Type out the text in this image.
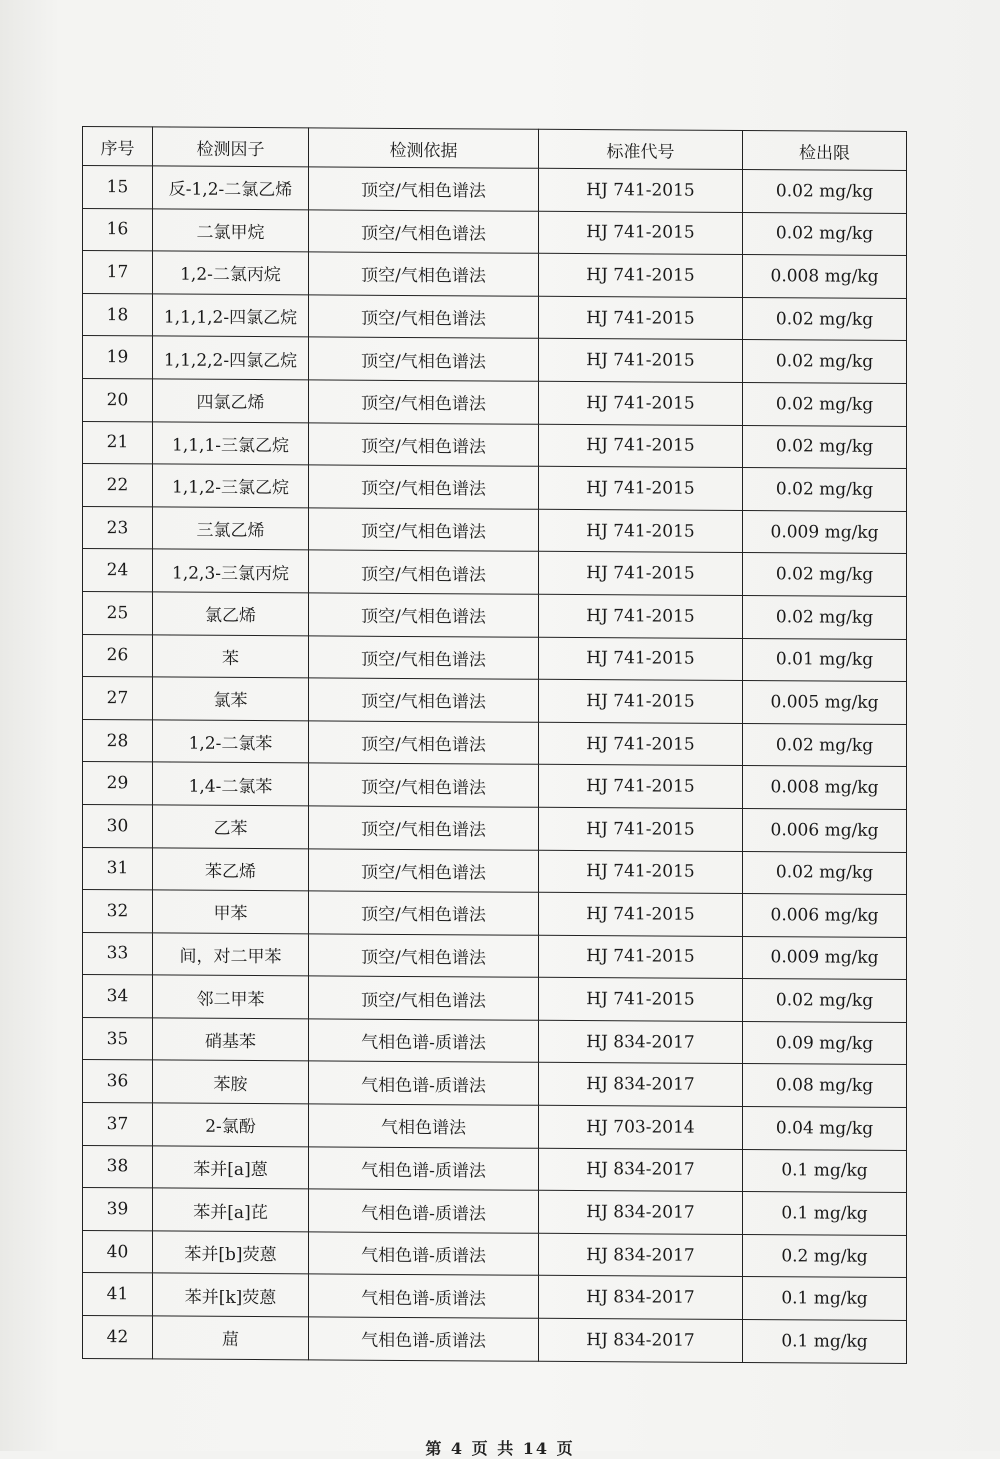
序号	检测因子	检测依据	标准代号	检出限
15	反-1,2-二氯乙烯	顶空/气相色谱法	HJ 741-2015	0.02 mg/kg
16	二氯甲烷	顶空/气相色谱法	HJ 741-2015	0.02 mg/kg
17	1,2-二氯丙烷	顶空/气相色谱法	HJ 741-2015	0.008 mg/kg
18	1,1,1,2-四氯乙烷	顶空/气相色谱法	HJ 741-2015	0.02 mg/kg
19	1,1,2,2-四氯乙烷	顶空/气相色谱法	HJ 741-2015	0.02 mg/kg
20	四氯乙烯	顶空/气相色谱法	HJ 741-2015	0.02 mg/kg
21	1,1,1-三氯乙烷	顶空/气相色谱法	HJ 741-2015	0.02 mg/kg
22	1,1,2-三氯乙烷	顶空/气相色谱法	HJ 741-2015	0.02 mg/kg
23	三氯乙烯	顶空/气相色谱法	HJ 741-2015	0.009 mg/kg
24	1,2,3-三氯丙烷	顶空/气相色谱法	HJ 741-2015	0.02 mg/kg
25	氯乙烯	顶空/气相色谱法	HJ 741-2015	0.02 mg/kg
26	苯	顶空/气相色谱法	HJ 741-2015	0.01 mg/kg
27	氯苯	顶空/气相色谱法	HJ 741-2015	0.005 mg/kg
28	1,2-二氯苯	顶空/气相色谱法	HJ 741-2015	0.02 mg/kg
29	1,4-二氯苯	顶空/气相色谱法	HJ 741-2015	0.008 mg/kg
30	乙苯	顶空/气相色谱法	HJ 741-2015	0.006 mg/kg
31	苯乙烯	顶空/气相色谱法	HJ 741-2015	0.02 mg/kg
32	甲苯	顶空/气相色谱法	HJ 741-2015	0.006 mg/kg
33	间，对二甲苯	顶空/气相色谱法	HJ 741-2015	0.009 mg/kg
34	邻二甲苯	顶空/气相色谱法	HJ 741-2015	0.02 mg/kg
35	硝基苯	气相色谱-质谱法	HJ 834-2017	0.09 mg/kg
36	苯胺	气相色谱-质谱法	HJ 834-2017	0.08 mg/kg
37	2-氯酚	气相色谱法	HJ 703-2014	0.04 mg/kg
38	苯并[a]蒽	气相色谱-质谱法	HJ 834-2017	0.1 mg/kg
39	苯并[a]芘	气相色谱-质谱法	HJ 834-2017	0.1 mg/kg
40	苯并[b]荧蒽	气相色谱-质谱法	HJ 834-2017	0.2 mg/kg
41	苯并[k]荧蒽	气相色谱-质谱法	HJ 834-2017	0.1 mg/kg
42	䓛	气相色谱-质谱法	HJ 834-2017	0.1 mg/kg
第 4 页 共 14 页
